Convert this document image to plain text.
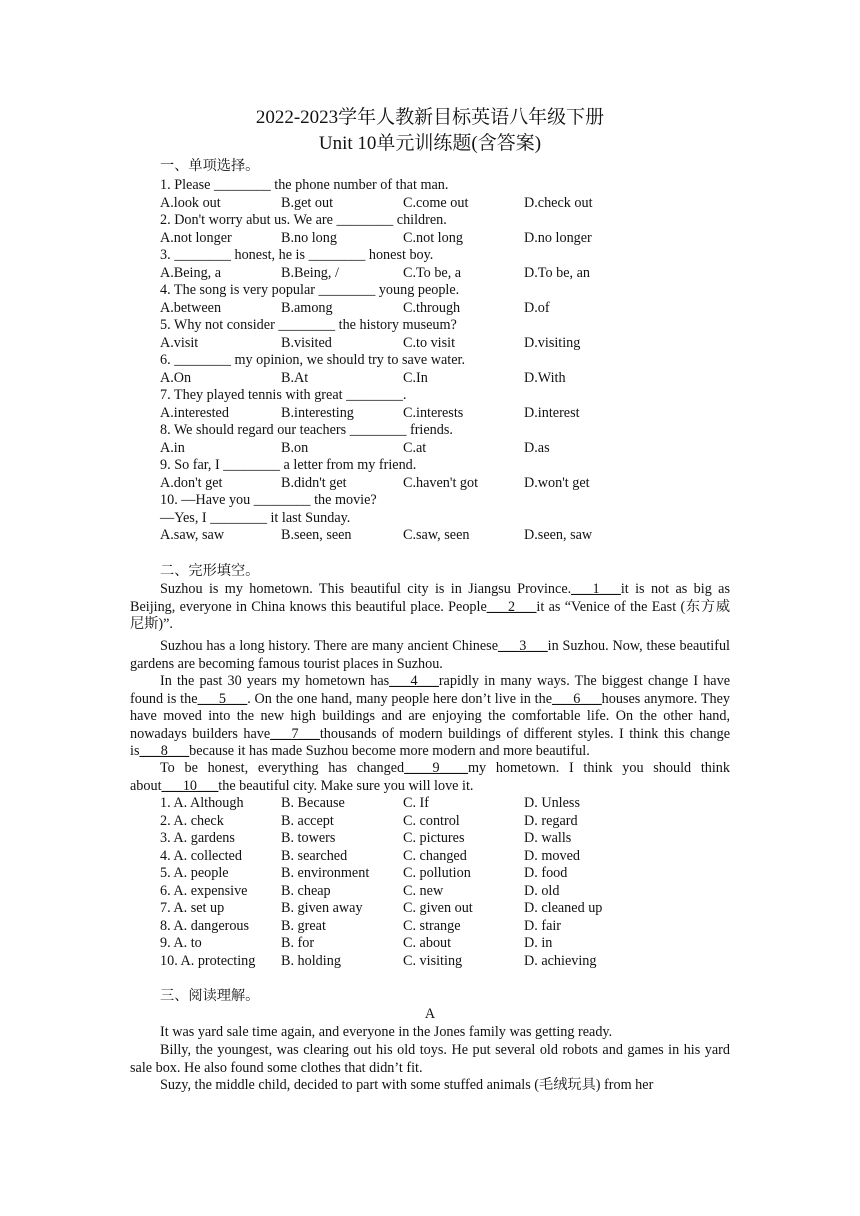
2022-2023学年人教新目标英语八年级下册
Unit 10单元训练题(含答案)
一、单项选择。
1. Please ________ the phone number of that man.
A.look out	B.get out	C.come out	D.check out
2. Don't worry abut us. We are ________ children.
A.not longer	B.no long	C.not long	D.no longer
3. ________ honest, he is ________ honest boy.
A.Being, a	B.Being, /	C.To be, a	D.To be, an
4. The song is very popular ________ young people.
A.between	B.among	C.through	D.of
5. Why not consider ________ the history museum?
A.visit	B.visited	C.to visit	D.visiting
6. ________ my opinion, we should try to save water.
A.On	B.At	C.In	D.With
7. They played tennis with great ________.
A.interested	B.interesting	C.interests	D.interest
8. We should regard our teachers ________ friends.
A.in	B.on	C.at	D.as
9. So far, I ________ a letter from my friend.
A.don't get	B.didn't get	C.haven't got	D.won't get
10. —Have you ________ the movie?
—Yes, I ________ it last Sunday.
A.saw, saw	B.seen, seen	C.saw, seen	D.seen, saw
二、完形填空。
Suzhou is my hometown. This beautiful city is in Jiangsu Province.___1___it is not as big as Beijing, everyone in China knows this beautiful place. People___2___it as “Venice of the East (东方威尼斯)”.
Suzhou has a long history. There are many ancient Chinese___3___in Suzhou. Now, these beautiful gardens are becoming famous tourist places in Suzhou.
In the past 30 years my hometown has___4___rapidly in many ways. The biggest change I have found is the___5___. On the one hand, many people here don’t live in the___6___houses anymore. They have moved into the new high buildings and are enjoying the comfortable life. On the other hand, nowadays builders have___7___thousands of modern buildings of different styles. I think this change is___8___because it has made Suzhou become more modern and more beautiful.
To be honest, everything has changed____9____my hometown. I think you should think about___10___the beautiful city. Make sure you will love it.
1. A. Although	B. Because	C. If	D. Unless
2. A. check	B. accept	C. control	D. regard
3. A. gardens	B. towers	C. pictures	D. walls
4. A. collected	B. searched	C. changed	D. moved
5. A. people	B. environment C. pollution	D. food
6. A. expensive B. cheap	C. new	D. old
7. A. set up	B. given away	C. given out	D. cleaned up
8. A. dangerous B. great	C. strange	D. fair
9. A. to	B. for	C. about	D. in
10. A. protecting B. holding	C. visiting	D. achieving
三、阅读理解。
A
It was yard sale time again, and everyone in the Jones family was getting ready.
Billy, the youngest, was clearing out his old toys. He put several old robots and games in his yard sale box. He also found some clothes that didn’t fit.
Suzy, the middle child, decided to part with some stuffed animals (毛绒玩具) from her
